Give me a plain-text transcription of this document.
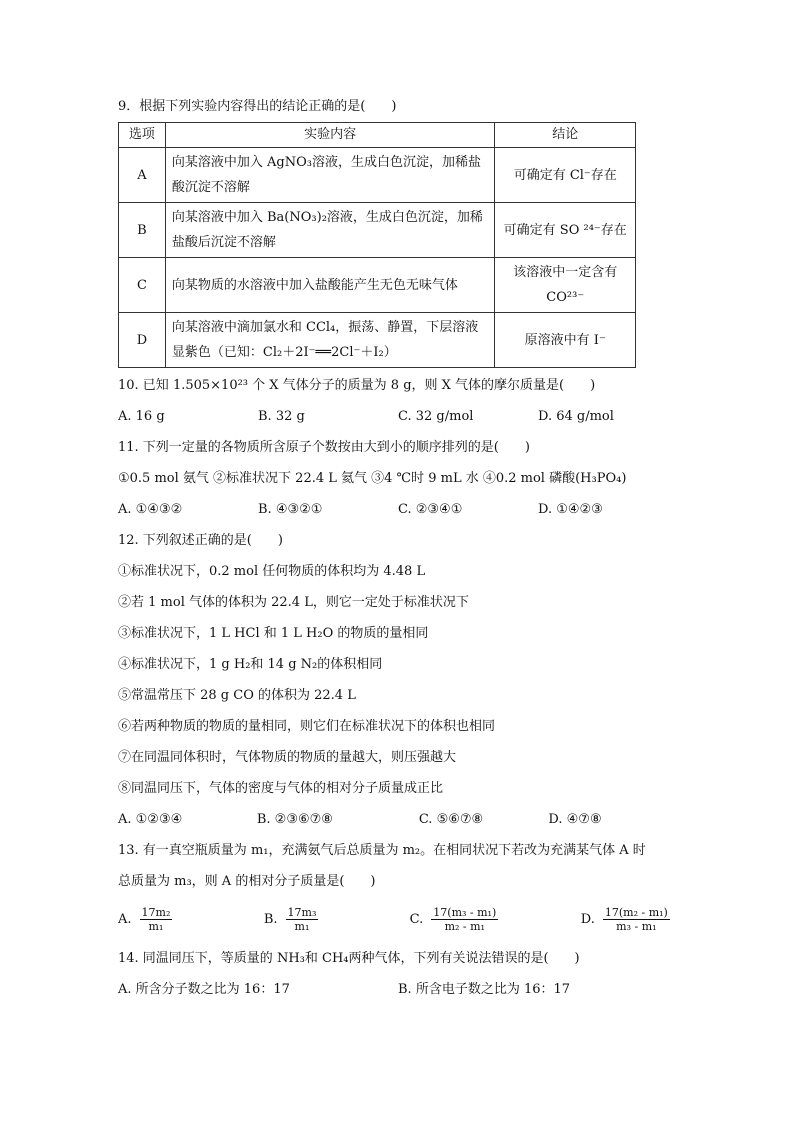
9．根据下列实验内容得出的结论正确的是(　　)
选项	实验内容	结论
A	向某溶液中加入 AgNO₃溶液，生成白色沉淀，加稀盐酸沉淀不溶解	可确定有 Cl⁻存在
B	向某溶液中加入 Ba(NO₃)₂溶液，生成白色沉淀，加稀盐酸后沉淀不溶解	可确定有 SO ²⁴⁻存在
C	向某物质的水溶液中加入盐酸能产生无色无味气体	该溶液中一定含有 CO²³⁻
D	向某溶液中滴加氯水和 CCl₄，振荡、静置，下层溶液显紫色（已知：Cl₂＋2I⁻══2Cl⁻＋I₂）	原溶液中有 I⁻
10. 已知 1.505×10²³ 个 X 气体分子的质量为 8 g，则 X 气体的摩尔质量是(　　)
A. 16 g	B. 32 g	C. 32 g/mol	D. 64 g/mol
11. 下列一定量的各物质所含原子个数按由大到小的顺序排列的是(　　)
①0.5 mol 氨气 ②标准状况下 22.4 L 氦气 ③4 ℃时 9 mL 水 ④0.2 mol 磷酸(H₃PO₄)
A. ①④③②	B. ④③②①	C. ②③④①	D. ①④②③
12. 下列叙述正确的是(　　)
①标准状况下，0.2 mol 任何物质的体积均为 4.48 L
②若 1 mol 气体的体积为 22.4 L，则它一定处于标准状况下
③标准状况下，1 L HCl 和 1 L H₂O 的物质的量相同
④标准状况下，1 g H₂和 14 g N₂的体积相同
⑤常温常压下 28 g CO 的体积为 22.4 L
⑥若两种物质的物质的量相同，则它们在标准状况下的体积也相同
⑦在同温同体积时，气体物质的物质的量越大，则压强越大
⑧同温同压下，气体的密度与气体的相对分子质量成正比
A. ①②③④	B. ②③⑥⑦⑧	C. ⑤⑥⑦⑧	D. ④⑦⑧
13. 有一真空瓶质量为 m₁，充满氨气后总质量为 m₂。在相同状况下若改为充满某气体 A 时
总质量为 m₃，则 A 的相对分子质量是(　　)
A. $\frac{\text{17m₂}}{\text{m₁}}$	B. $\frac{\text{17m₃}}{\text{m₁}}$	C. $\frac{\text{17(m₃ - m₁)}}{\text{m₂ - m₁}}$	D. $\frac{\text{17(m₂ - m₁)}}{\text{m₃ - m₁}}$
14. 同温同压下，等质量的 NH₃和 CH₄两种气体，下列有关说法错误的是(　　)
A. 所含分子数之比为 16：17	B. 所含电子数之比为 16：17
